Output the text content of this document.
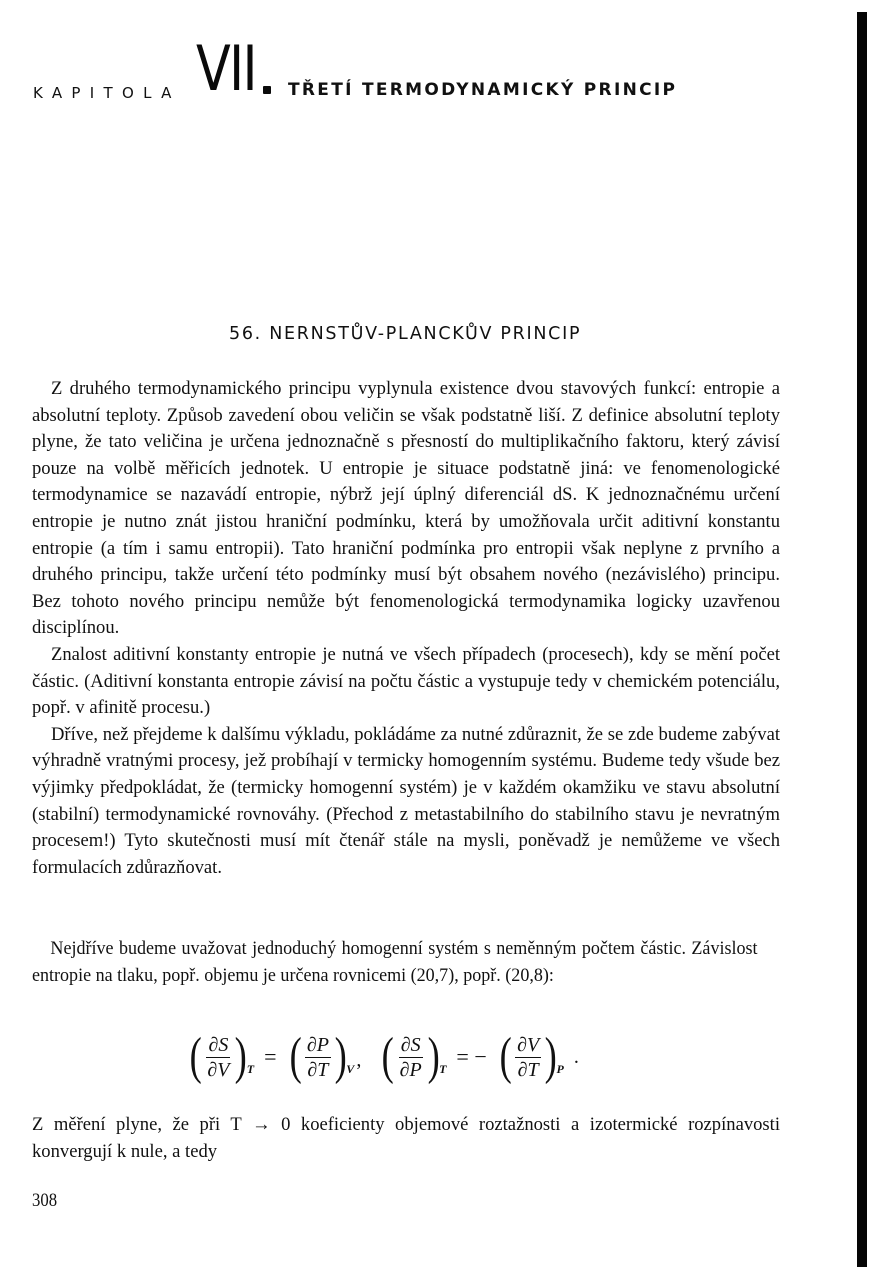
KAPITOLA VII TŘETÍ TERMODYNAMICKÝ PRINCIP
56. NERNSTŮV-PLANCKŮV PRINCIP

Z druhého termodynamického principu vyplynula existence dvou stavových funkcí: entropie a absolutní teploty. Způsob zavedení obou veličin se však podstatně liší. Z definice absolutní teploty plyne, že tato veličina je určena jednoznačně s přesností do multiplikačního faktoru, který závisí pouze na volbě měřicích jednotek. U entropie je situace podstatně jiná: ve fenomenologické termodynamice se nazavádí entropie, nýbrž její úplný diferenciál dS. K jednoznačnému určení entropie je nutno znát jistou hraniční podmínku, která by umožňovala určit aditivní konstantu entropie (a tím i samu entropii). Tato hraniční podmínka pro entropii však neplyne z prvního a druhého principu, takže určení této podmínky musí být obsahem nového (nezávislého) principu. Bez tohoto nového principu nemůže být fenomenologická termodynamika logicky uzavřenou disciplínou.

Znalost aditivní konstanty entropie je nutná ve všech případech (procesech), kdy se mění počet částic. (Aditivní konstanta entropie závisí na počtu částic a vystupuje tedy v chemickém potenciálu, popř. v afinitě procesu.)

Dříve, než přejdeme k dalšímu výkladu, pokládáme za nutné zdůraznit, že se zde budeme zabývat výhradně vratnými procesy, jež probíhají v termicky homogenním systému. Budeme tedy všude bez výjimky předpokládat, že (termicky homogenní systém) je v každém okamžiku ve stavu absolutní (stabilní) termodynamické rovnováhy. (Přechod z metastabilního do stabilního stavu je nevratným procesem!) Tyto skutečnosti musí mít čtenář stále na mysli, poněvadž je nemůžeme ve všech formulacích zdůrazňovat.

Nejdříve budeme uvažovat jednoduchý homogenní systém s neměnným počtem částic. Závislost entropie na tlaku, popř. objemu je určena rovnicemi (20,7), popř. (20,8):

( $\frac{\partial S}{\partial V}$ ) T = ( $\frac{\partial P}{\partial T}$ ) V , ( $\frac{\partial S}{\partial P}$ ) T = − ( $\frac{\partial V}{\partial T}$ ) P
.

Z měření plyne, že při T → 0 koeficienty objemové roztažnosti a izotermické rozpínavosti konvergují k nule, a tedy

308
